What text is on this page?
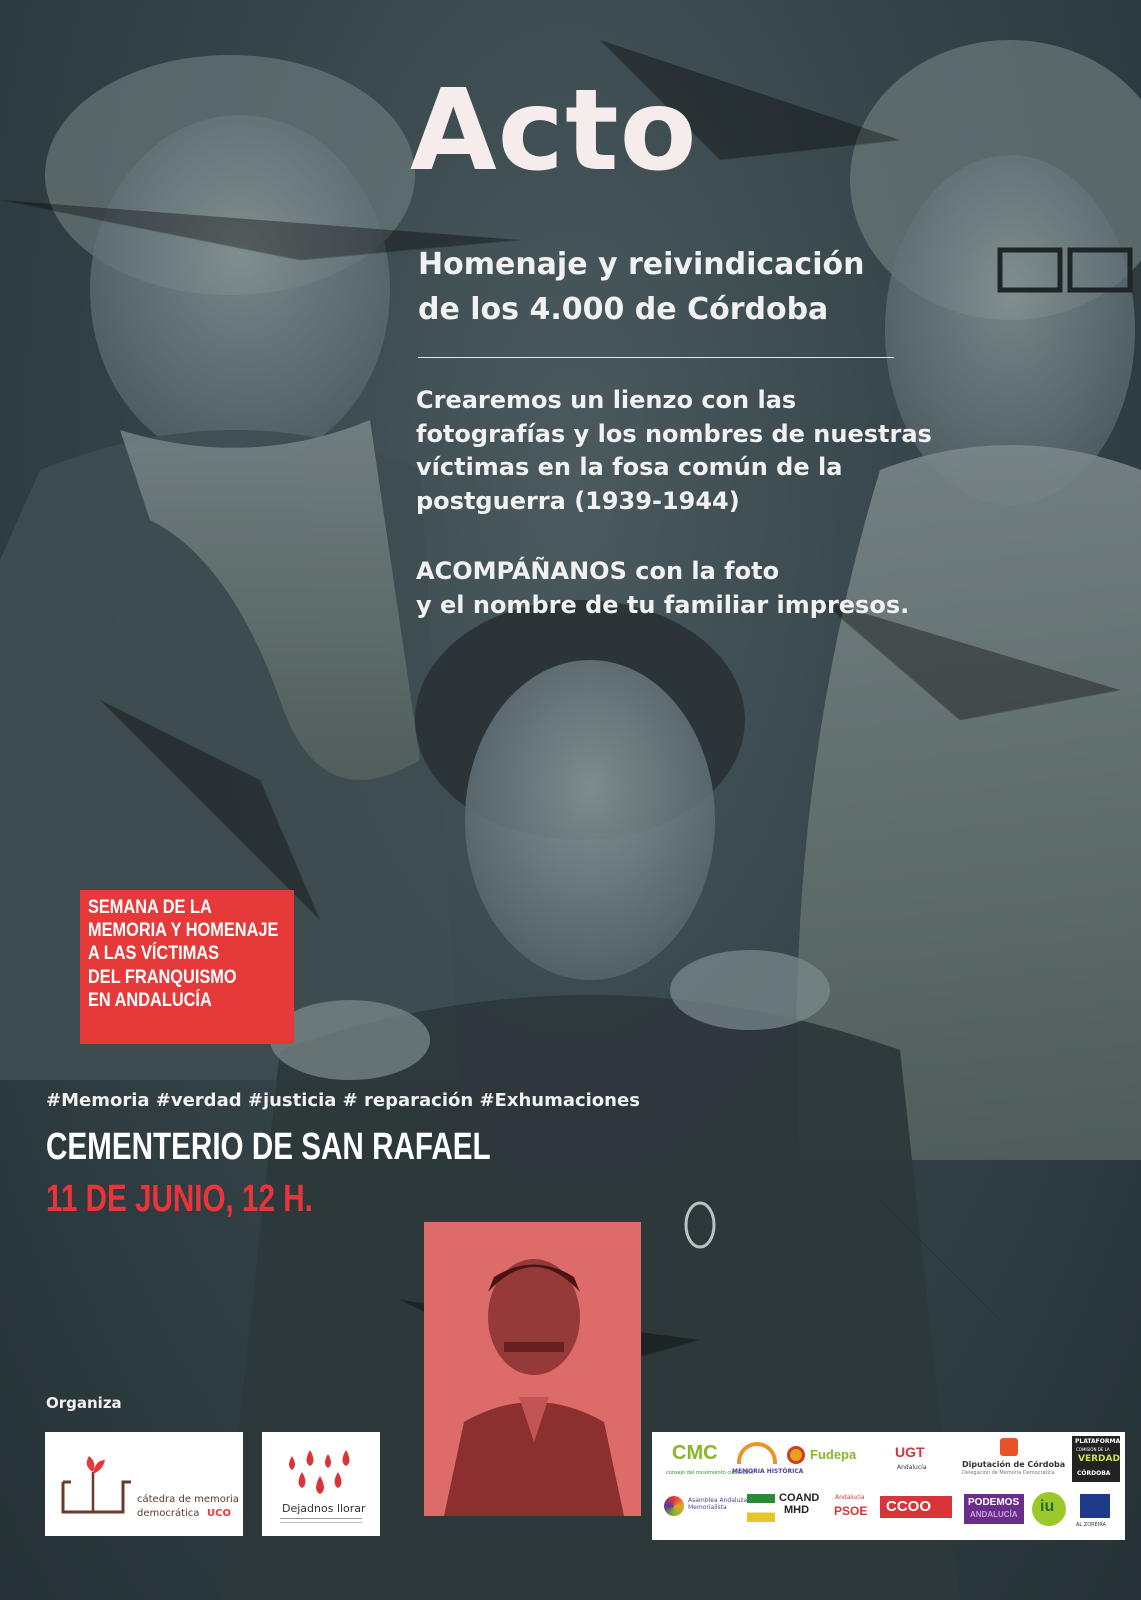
Acto
Homenaje y reivindicación
de los 4.000 de Córdoba
Crearemos un lienzo con las
fotografías y los nombres de nuestras
víctimas en la fosa común de la
postguerra (1939-1944)
ACOMPÁÑANOS con la foto
y el nombre de tu familiar impresos.

SEMANA DE LA

MEMORIA Y HOMENAJE

A LAS VÍCTIMAS

DEL FRANQUISMO

EN ANDALUCÍA

#Memoria #verdad #justicia # reparación #Exhumaciones
CEMENTERIO DE SAN RAFAEL
11 DE JUNIO, 12 H.
Organiza
cátedra de memoria
democrática UCO	Dejadnos llorar
CMC
consejo del movimiento ciudadano
MEMORIA HISTÓRICA
Fudepa	UGT
Andalucía	Diputación de Córdoba
Delegación de Memoria Democrática
PLATAFORMA
COMISIÓN DE LA
VERDAD
CÓRDOBA
Asamblea Andaluza Memorialista
COAND
MHD
Andalucía
PSOE CCOO	PODEMOS
ANDALUCÍA iu
AL ZOREIRA
